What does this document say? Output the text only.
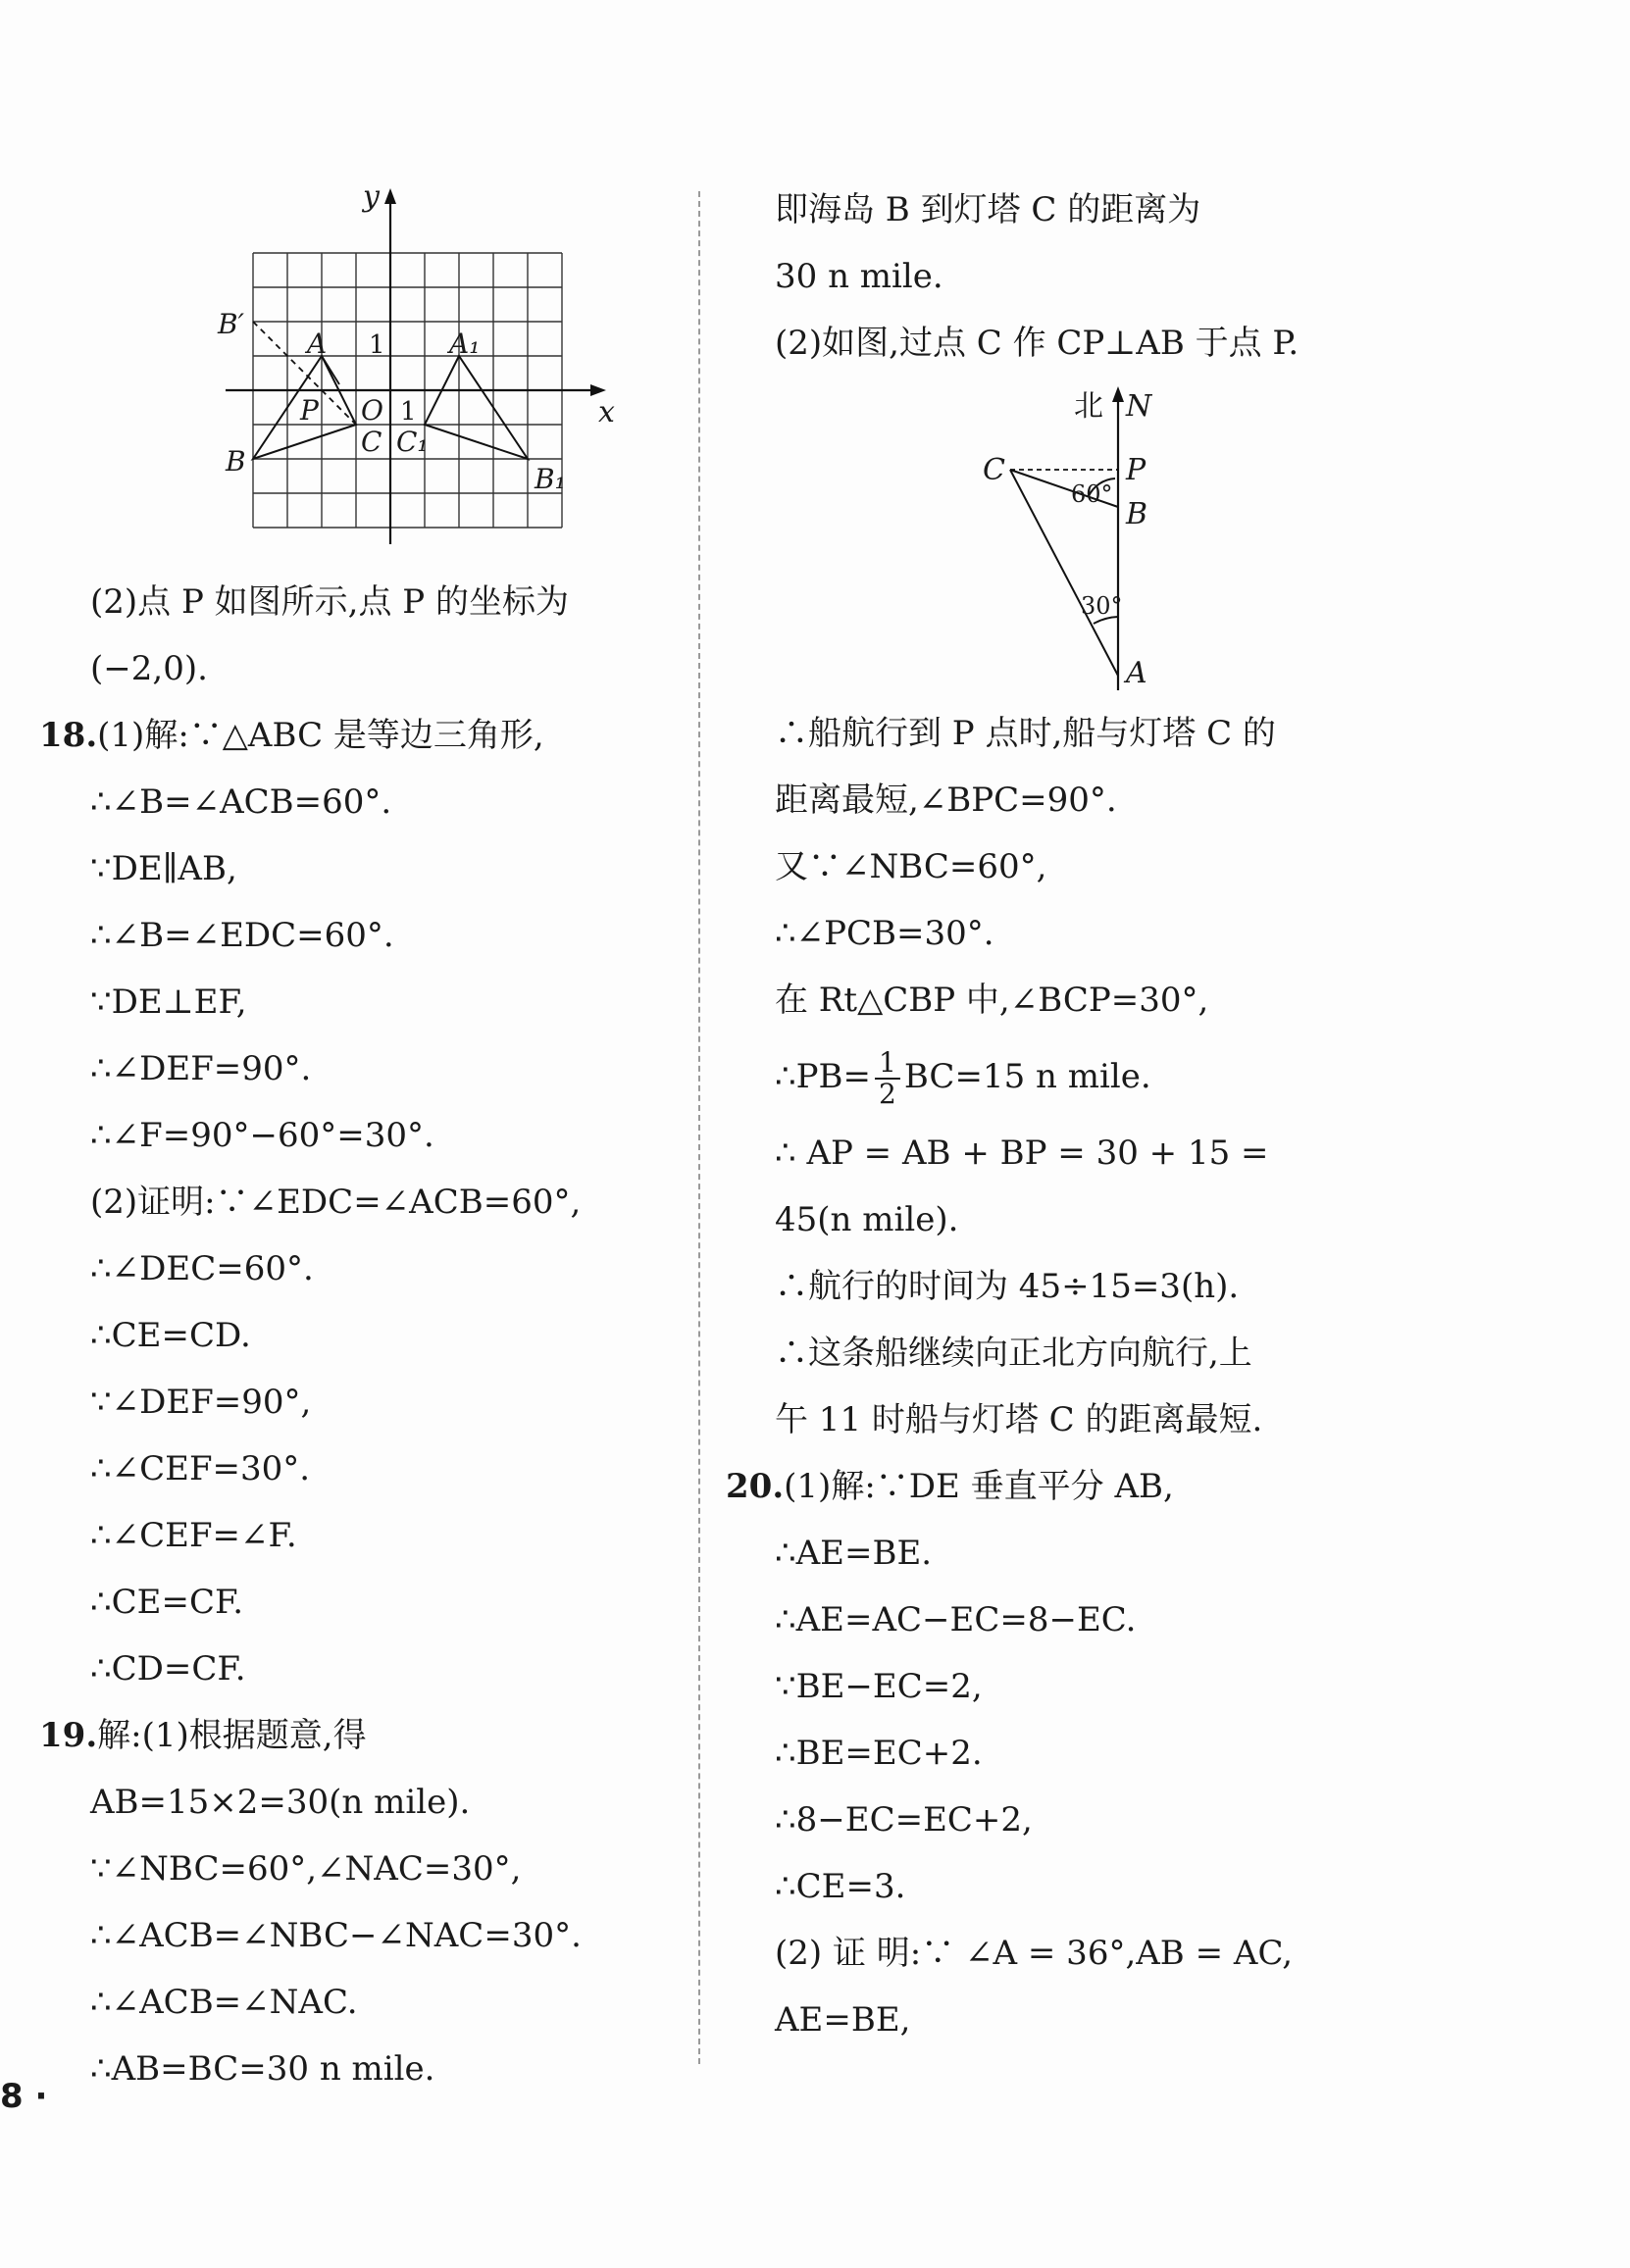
y
x
O 1
1
A	A₁
B
B₁
B′
C C₁
P
(2)点 P 如图所示,点 P 的坐标为
(−2,0).
18.(1)解:∵△ABC 是等边三角形,
∴∠B=∠ACB=60°.
∵DE∥AB,
∴∠B=∠EDC=60°.
∵DE⊥EF,
∴∠DEF=90°.
∴∠F=90°−60°=30°.
(2)证明:∵∠EDC=∠ACB=60°,
∴∠DEC=60°.
∴CE=CD.
∵∠DEF=90°,
∴∠CEF=30°.
∴∠CEF=∠F.
∴CE=CF.
∴CD=CF.
19.解:(1)根据题意,得
AB=15×2=30(n mile).
∵∠NBC=60°,∠NAC=30°,
∴∠ACB=∠NBC−∠NAC=30°.
∴∠ACB=∠NAC.
∴AB=BC=30 n mile.
即海岛 B 到灯塔 C 的距离为
30 n mile.
(2)如图,过点 C 作 CP⊥AB 于点 P.
北 N
C	P
B
A
60°
30°
∴船航行到 P 点时,船与灯塔 C 的
距离最短,∠BPC=90°.
又∵∠NBC=60°,
∴∠PCB=30°.
在 Rt△CBP 中,∠BCP=30°,
∴PB= $\frac{1}{2} BC=15$ n mile.
∴ AP = AB + BP = 30 + 15 =
45(n mile).
∴航行的时间为 45÷15=3(h).
∴这条船继续向正北方向航行,上
午 11 时船与灯塔 C 的距离最短.
20.(1)解:∵DE 垂直平分 AB,
∴AE=BE.
∴AE=AC−EC=8−EC.
∵BE−EC=2,
∴BE=EC+2.
∴8−EC=EC+2,
∴CE=3.
(2) 证 明:∵ ∠A = 36°,AB = AC,
AE=BE,
8 ·
